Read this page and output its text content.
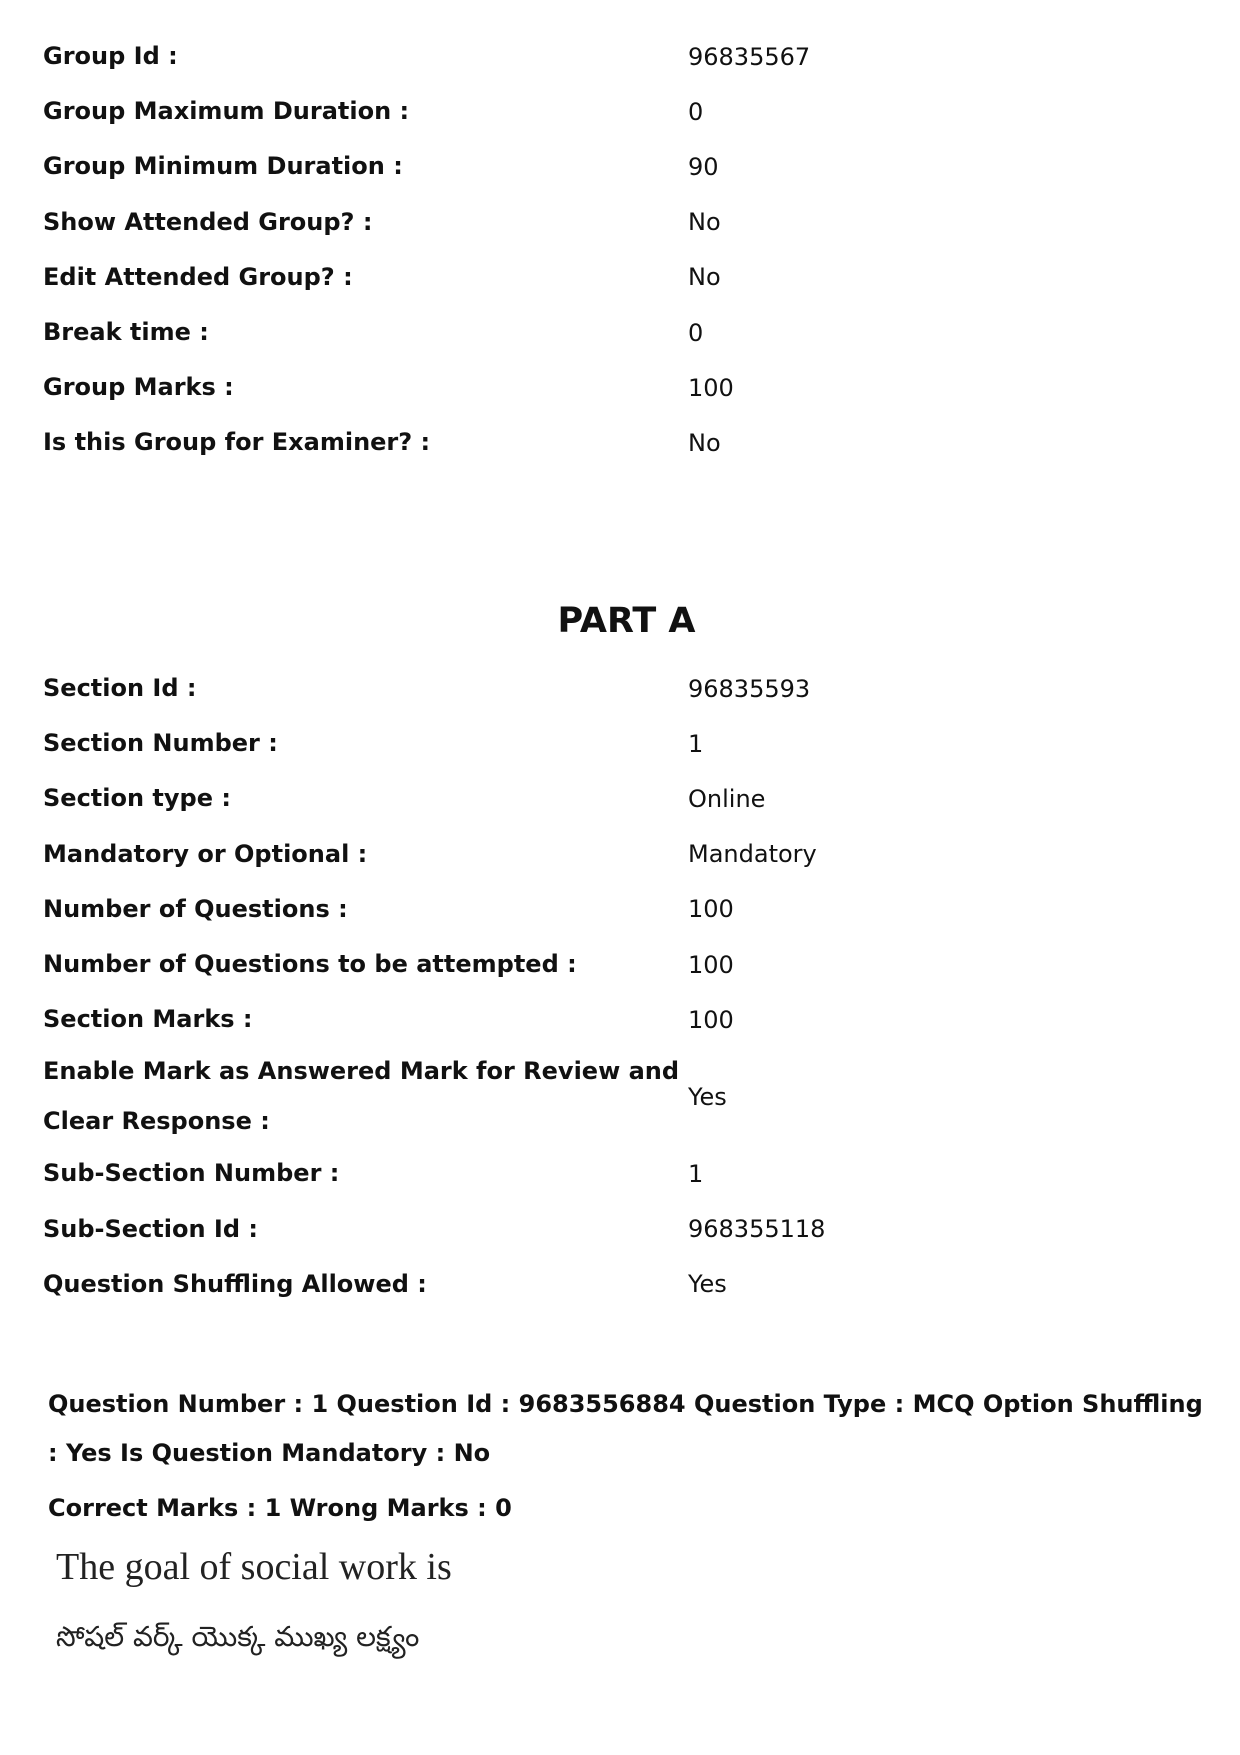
Group Id :	96835567
Group Maximum Duration :	0
Group Minimum Duration :	90
Show Attended Group? :	No
Edit Attended Group? :	No
Break time :	0
Group Marks :	100
Is this Group for Examiner? :	No
PART A
Section Id :	96835593
Section Number :	1
Section type :	Online
Mandatory or Optional :	Mandatory
Number of Questions :	100
Number of Questions to be attempted :	100
Section Marks :	100
Enable Mark as Answered Mark for Review and Clear Response :	Yes
Sub-Section Number :	1
Sub-Section Id :	968355118
Question Shuffling Allowed :	Yes

Question Number : 1 Question Id : 9683556884 Question Type : MCQ Option Shuffling : Yes Is Question Mandatory : No

Correct Marks : 1 Wrong Marks : 0

The goal of social work is

సోషల్ వర్క్ యొక్క ముఖ్య లక్ష్యం
